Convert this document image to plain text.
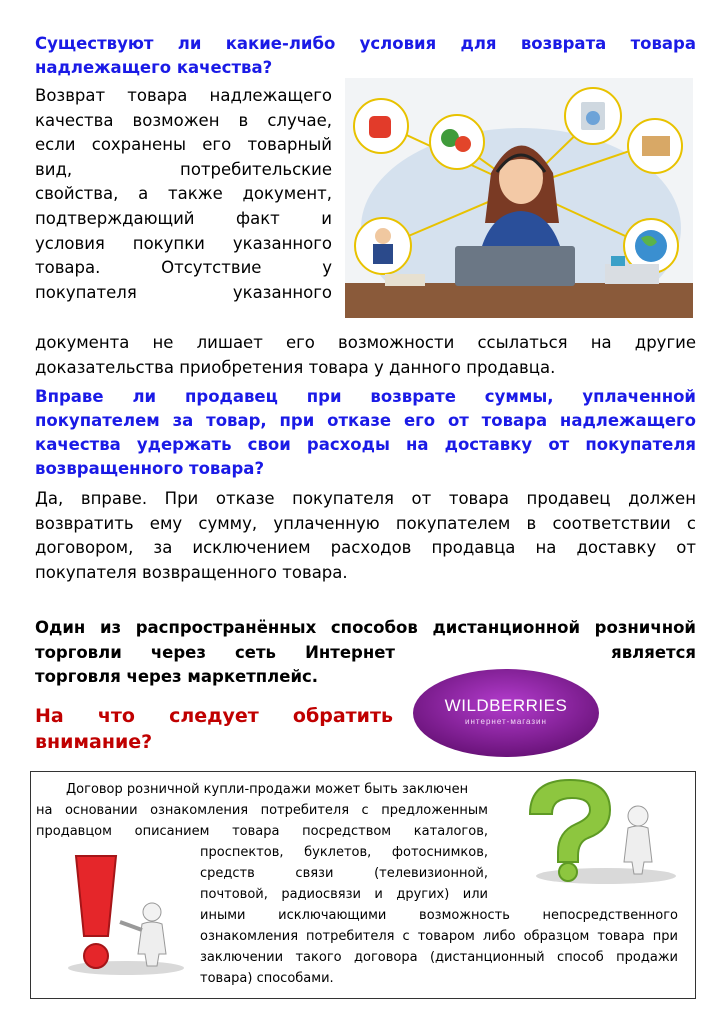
Существуют ли какие-либо условия для возврата товара
надлежащего качества?
Возврат товара надлежащего
качества возможен в случае,
если сохранены его товарный
вид, потребительские
свойства, а также документ,
подтверждающий факт и
условия покупки указанного
товара. Отсутствие у
покупателя указанного
документа не лишает его возможности ссылаться на другие
доказательства приобретения товара у данного продавца.
Вправе ли продавец при возврате суммы, уплаченной
покупателем за товар, при отказе его от товара надлежащего
качества удержать свои расходы на доставку от покупателя
возвращенного товара?
Да, вправе. При отказе покупателя от товара продавец должен
возвратить ему сумму, уплаченную покупателем в соответствии с
договором, за исключением расходов продавца на доставку от
покупателя возвращенного товара.
Один из распространённых способов дистанционной розничной
торговли через сеть Интернет	является
торговля через маркетплейс.
На что следует обратить
внимание?
WILDBERRIES
интернет-магазин
Договор розничной купли-продажи может быть заключен
на основании ознакомления потребителя с предложенным
продавцом описанием товара посредством каталогов,
проспектов, буклетов, фотоснимков,
средств связи (телевизионной,
почтовой, радиосвязи и других) или
иными исключающими возможность непосредственного
ознакомления потребителя с товаром либо образцом товара при
заключении такого договора (дистанционный способ продажи
товара) способами.
